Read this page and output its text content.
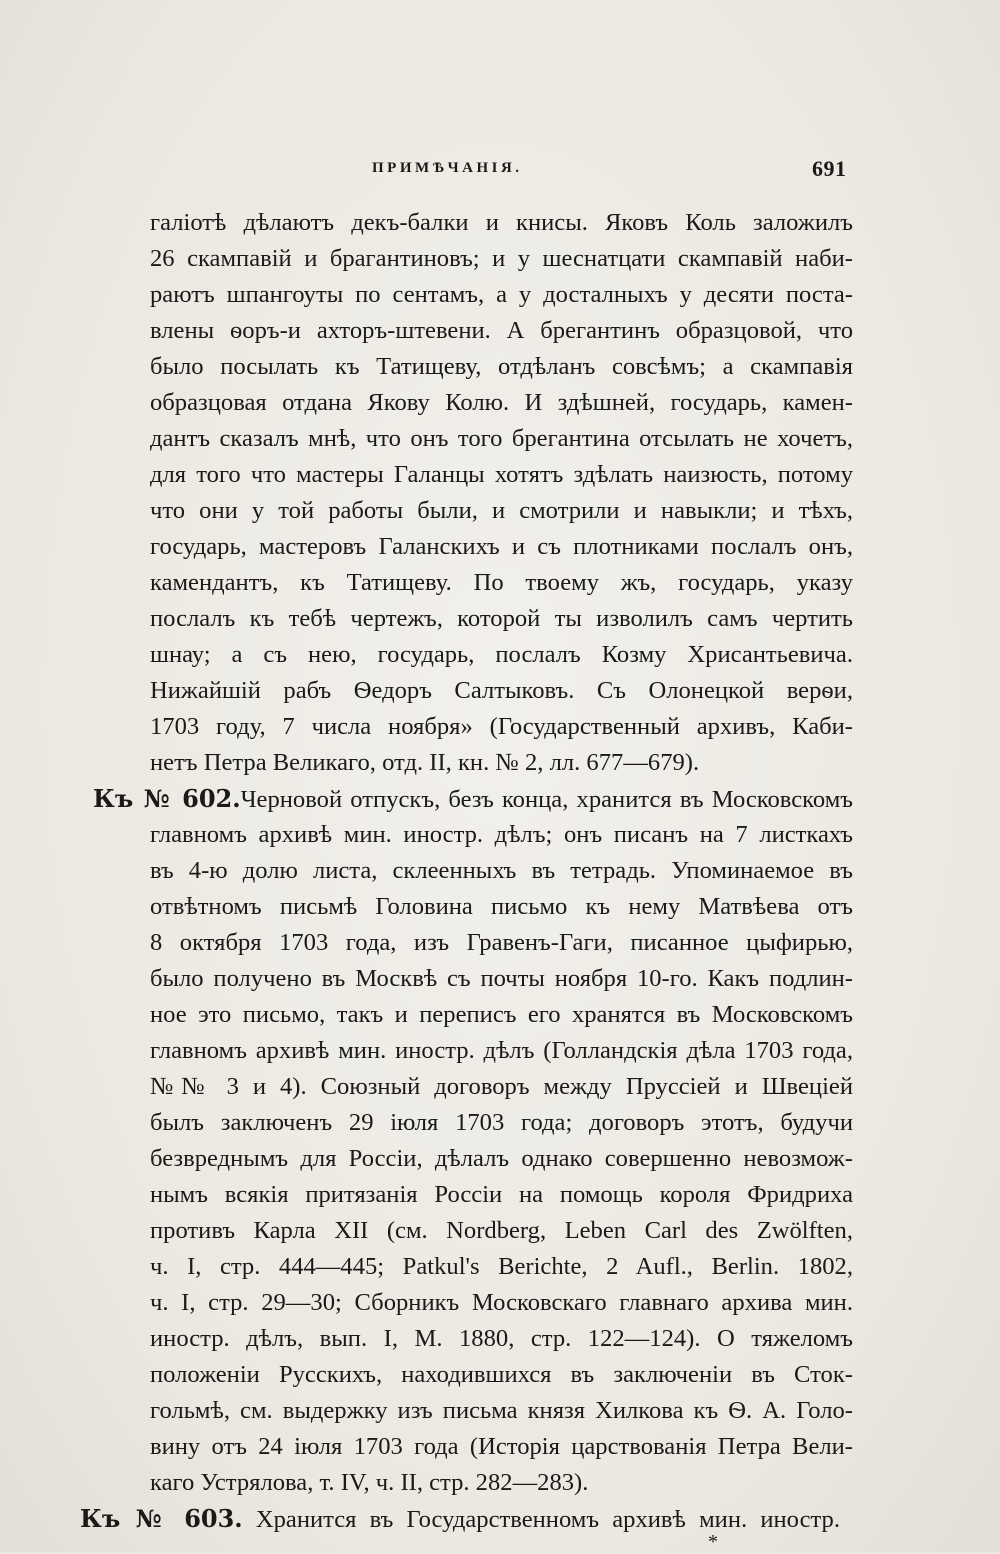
ПРИМѢЧАНІЯ.	691
галіотѣ дѣлаютъ декъ-балки и книсы. Яковъ Коль заложилъ
26 скампавій и брагантиновъ; и у шеснатцати скампавій наби-
раютъ шпангоуты по сентамъ, а у досталныхъ у десяти поста-
влены ѳоръ-и ахторъ-штевени. А брегантинъ образцовой, что
было посылать къ Татищеву, отдѣланъ совсѣмъ; а скампавія
образцовая отдана Якову Колю. И здѣшней, государь, камен-
дантъ сказалъ мнѣ, что онъ того брегантина отсылать не хочетъ,
для того что мастеры Галанцы хотятъ здѣлать наизюсть, потому
что они у той работы были, и смотрили и навыкли; и тѣхъ,
государь, мастеровъ Галанскихъ и съ плотниками послалъ онъ,
камендантъ, къ Татищеву. По твоему жъ, государь, указу
послалъ къ тебѣ чертежъ, которой ты изволилъ самъ чертить
шнау; а съ нею, государь, послалъ Козму Хрисантьевича.
Нижайшій рабъ Ѳедоръ Салтыковъ. Съ Олонецкой верѳи,
1703 году, 7 числа ноября» (Государственный архивъ, Каби-
нетъ Петра Великаго, отд. II, кн. № 2, лл. 677—679).
Къ № 602.Черновой отпускъ, безъ конца, хранится въ Московскомъ
главномъ архивѣ мин. иностр. дѣлъ; онъ писанъ на 7 листкахъ
въ 4-ю долю листа, склеенныхъ въ тетрадь. Упоминаемое въ
отвѣтномъ письмѣ Головина письмо къ нему Матвѣева отъ
8 октября 1703 года, изъ Гравенъ-Гаги, писанное цыфирью,
было получено въ Москвѣ съ почты ноября 10-го. Какъ подлин-
ное это письмо, такъ и переписъ его хранятся въ Московскомъ
главномъ архивѣ мин. иностр. дѣлъ (Голландскія дѣла 1703 года,
№№ 3 и 4). Союзный договоръ между Пруссіей и Швеціей
былъ заключенъ 29 іюля 1703 года; договоръ этотъ, будучи
безвреднымъ для Россіи, дѣлалъ однако совершенно невозмож-
нымъ всякія притязанія Россіи на помощь короля Фридриха
противъ Карла XII (см. Nordberg, Leben Carl des Zwölften,
ч. I, стр. 444—445; Patkul's Berichte, 2 Aufl., Berlin. 1802,
ч. I, стр. 29—30; Сборникъ Московскаго главнаго архива мин.
иностр. дѣлъ, вып. I, М. 1880, стр. 122—124). О тяжеломъ
положеніи Русскихъ, находившихся въ заключеніи въ Сток-
гольмѣ, см. выдержку изъ письма князя Хилкова къ Ѳ. А. Голо-
вину отъ 24 іюля 1703 года (Исторія царствованія Петра Вели-
каго Устрялова, т. IV, ч. II, стр. 282—283).
Къ № 603. Хранится въ Государственномъ архивѣ мин. иностр.
*
